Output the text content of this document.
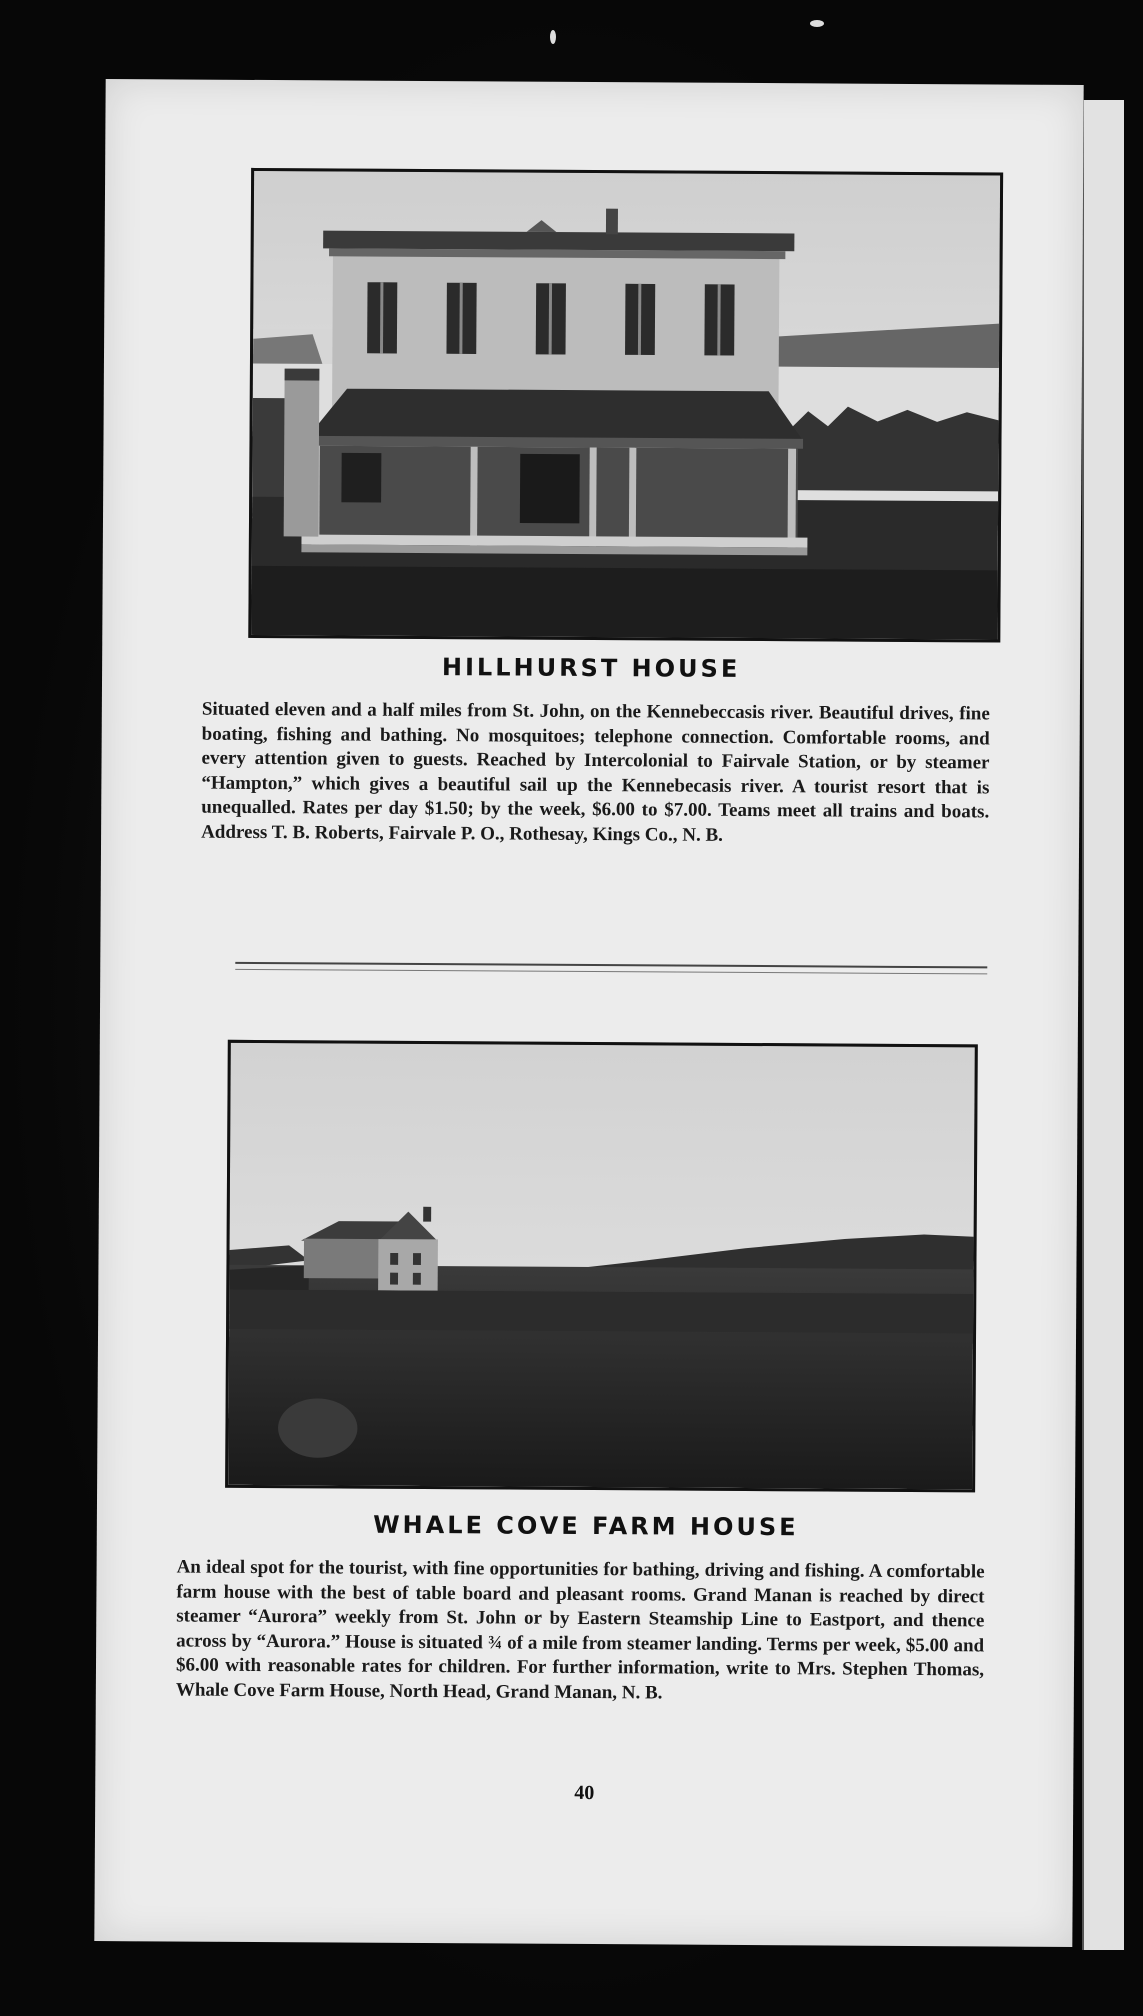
HILLHURST HOUSE

Situated eleven and a half miles from St. John, on the Kennebeccasis river. Beautiful drives, fine boating, fishing and bathing. No mosquitoes; telephone connection. Comfortable rooms, and every attention given to guests. Reached by Intercolonial to Fairvale Station, or by steamer “Hampton,” which gives a beautiful sail up the Kennebecasis river. A tourist resort that is unequalled. Rates per day $1.50; by the week, $6.00 to $7.00. Teams meet all trains and boats. Address T. B. Roberts, Fairvale P. O., Rothesay, Kings Co., N. B.

WHALE COVE FARM HOUSE

An ideal spot for the tourist, with fine opportunities for bathing, driving and fishing. A comfortable farm house with the best of table board and pleasant rooms. Grand Manan is reached by direct steamer “Aurora” weekly from St. John or by Eastern Steamship Line to Eastport, and thence across by “Aurora.” House is situated ¾ of a mile from steamer landing. Terms per week, $5.00 and $6.00 with reasonable rates for children. For further information, write to Mrs. Stephen Thomas, Whale Cove Farm House, North Head, Grand Manan, N. B.

40
